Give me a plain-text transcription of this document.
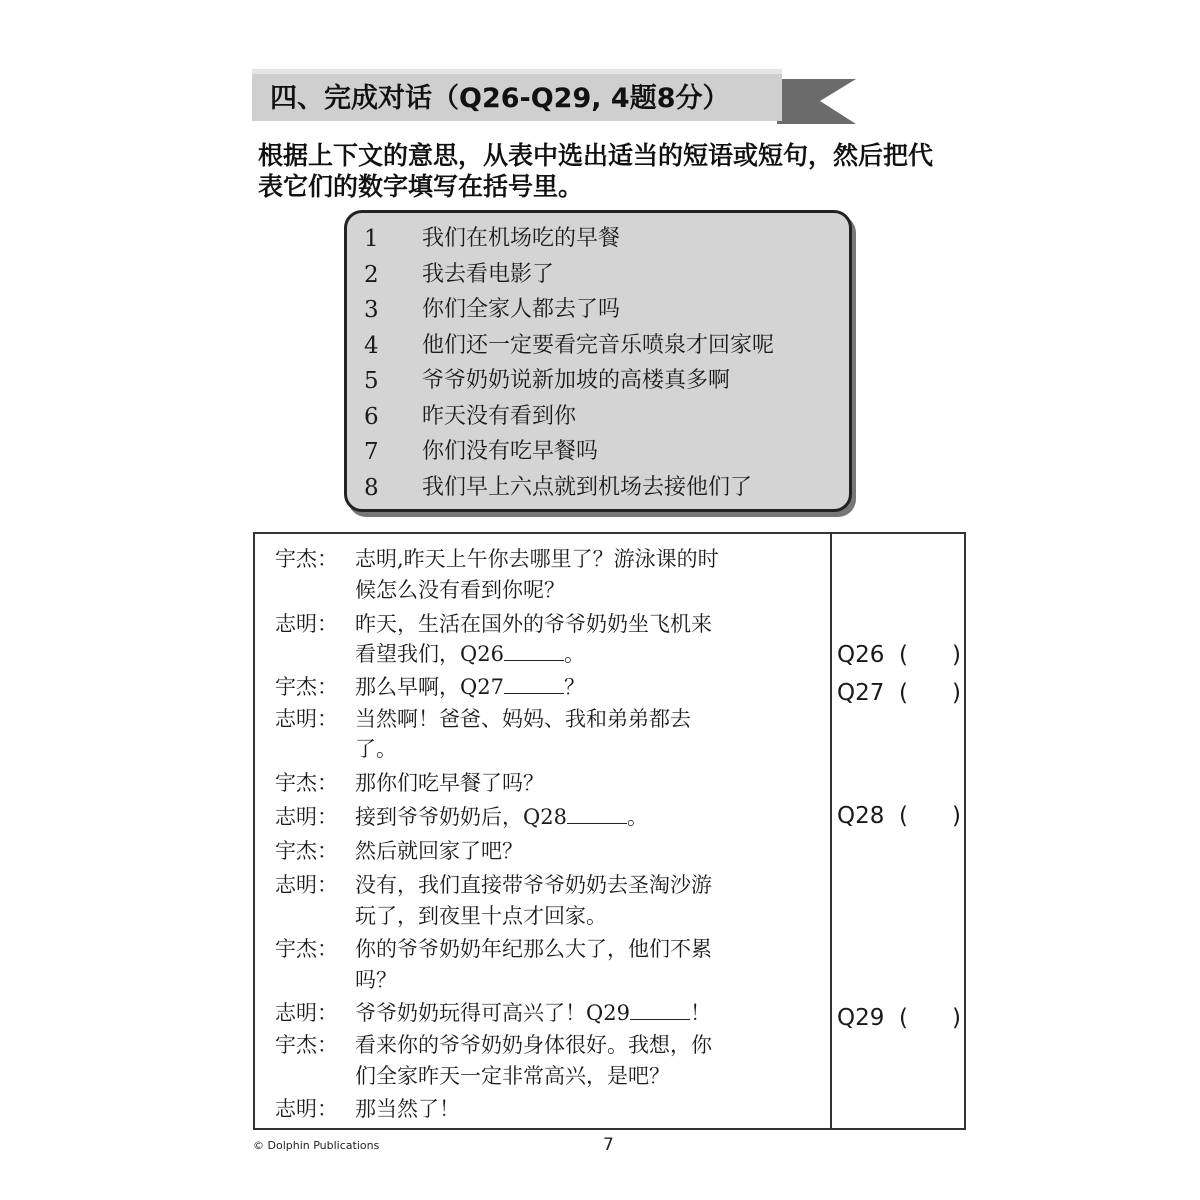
四、完成对话（Q26-Q29, 4题8分）
根据上下文的意思，从表中选出适当的短语或短句，然后把代
表它们的数字填写在括号里。
1	我们在机场吃的早餐
2	我去看电影了
3	你们全家人都去了吗
4	他们还一定要看完音乐喷泉才回家呢
5	爷爷奶奶说新加坡的高楼真多啊
6	昨天没有看到你
7	你们没有吃早餐吗
8	我们早上六点就到机场去接他们了
宇杰： 志明,昨天上午你去哪里了？游泳课的时
候怎么没有看到你呢？
志明： 昨天，生活在国外的爷爷奶奶坐飞机来
看望我们，Q26	。
宇杰： 那么早啊，Q27	？
志明： 当然啊！爸爸、妈妈、我和弟弟都去
了。
宇杰： 那你们吃早餐了吗？
志明： 接到爷爷奶奶后，Q28	。
宇杰： 然后就回家了吧？
志明： 没有，我们直接带爷爷奶奶去圣淘沙游
玩了，到夜里十点才回家。
宇杰： 你的爷爷奶奶年纪那么大了，他们不累
吗？
志明： 爷爷奶奶玩得可高兴了！Q29	！
宇杰： 看来你的爷爷奶奶身体很好。我想，你
们全家昨天一定非常高兴，是吧？
志明： 那当然了！
Q26 ( )
Q27 ( )
Q28 ( )
Q29 ( )
© Dolphin Publications	7
